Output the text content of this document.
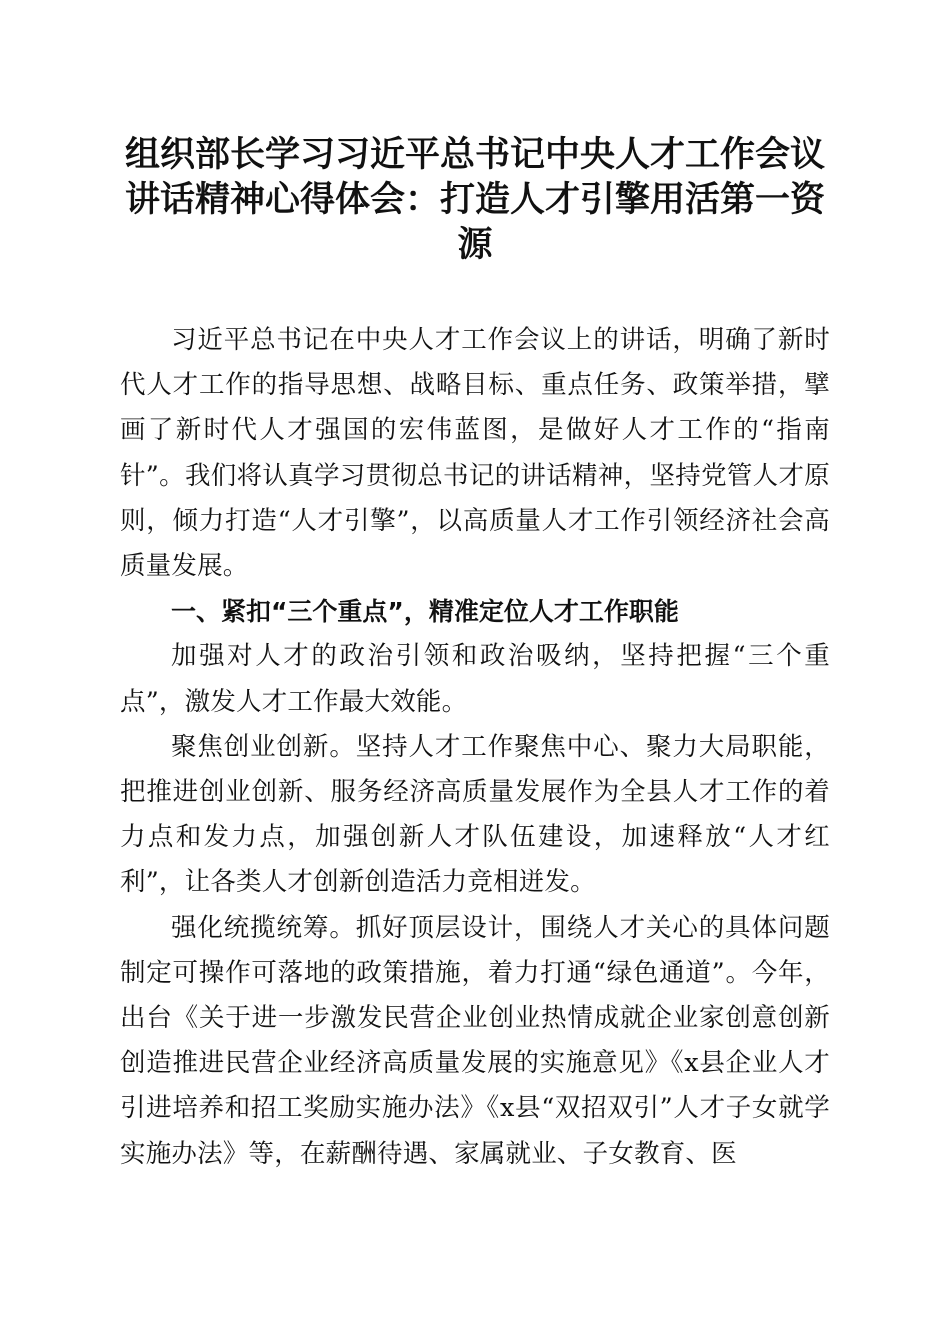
组织部长学习习近平总书记中央人才工作会议
讲话精神心得体会：打造人才引擎用活第一资
源

习近平总书记在中央人才工作会议上的讲话，明确了新时代人才工作的指导思想、战略目标、重点任务、政策举措，擘画了新时代人才强国的宏伟蓝图，是做好人才工作的“指南针”。我们将认真学习贯彻总书记的讲话精神，坚持党管人才原则，倾力打造“人才引擎”，以高质量人才工作引领经济社会高质量发展。

一、紧扣“三个重点”，精准定位人才工作职能

加强对人才的政治引领和政治吸纳，坚持把握“三个重点”，激发人才工作最大效能。

聚焦创业创新。坚持人才工作聚焦中心、聚力大局职能，把推进创业创新、服务经济高质量发展作为全县人才工作的着力点和发力点，加强创新人才队伍建设，加速释放“人才红利”，让各类人才创新创造活力竞相迸发。

强化统揽统筹。抓好顶层设计，围绕人才关心的具体问题制定可操作可落地的政策措施，着力打通“绿色通道”。今年，出台《关于进一步激发民营企业创业热情成就企业家创意创新创造推进民营企业经济高质量发展的实施意见》《x县企业人才引进培养和招工奖励实施办法》《x县“双招双引”人才子女就学实施办法》等，在薪酬待遇、家属就业、子女教育、医
